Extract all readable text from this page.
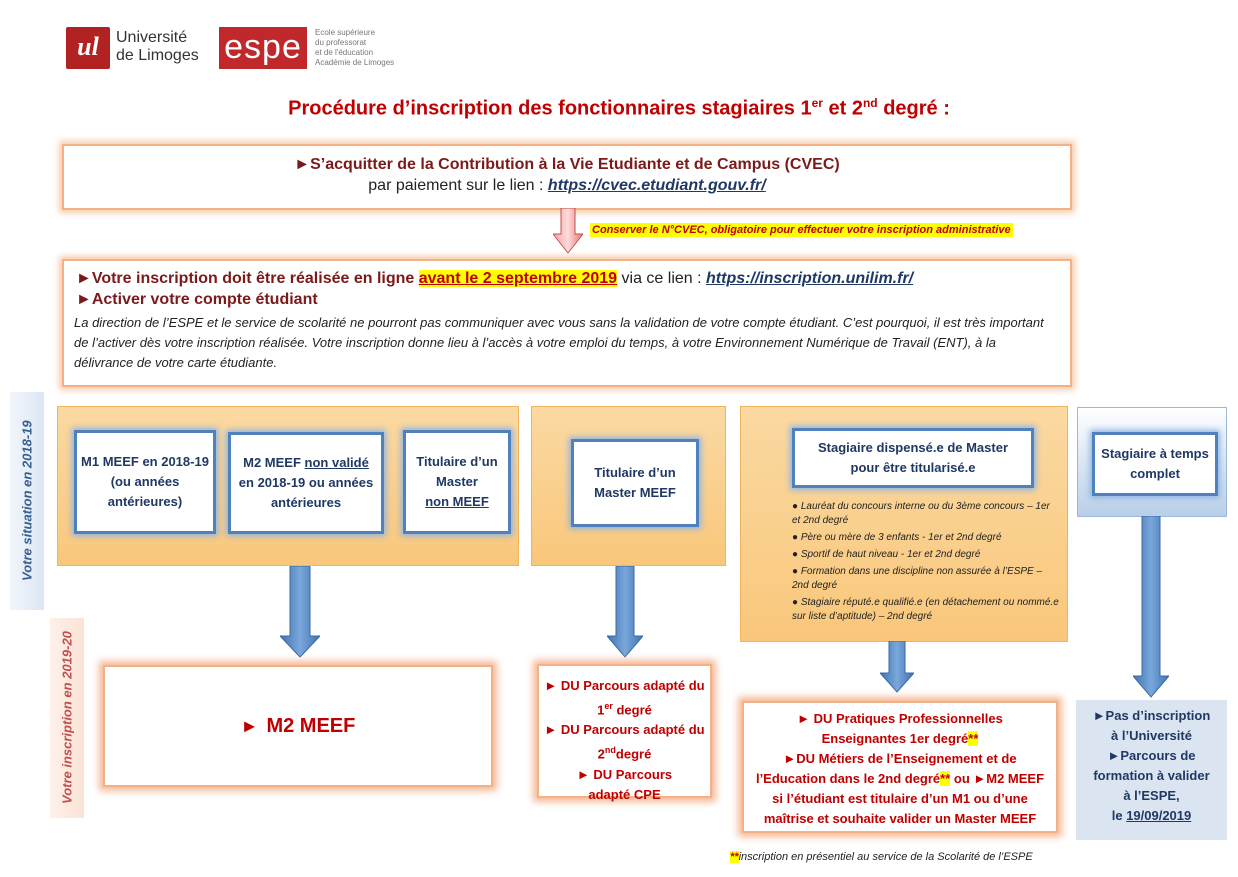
ul	Université
de Limoges espe	Ecole supérieure
du professorat
et de l'éducation
Académie de Limoges
Procédure d’inscription des fonctionnaires stagiaires 1er et 2nd degré :
►S’acquitter de la Contribution à la Vie Etudiante et de Campus (CVEC)
par paiement sur le lien : https://cvec.etudiant.gouv.fr/
Conserver le N°CVEC, obligatoire pour effectuer votre inscription administrative
►Votre inscription doit être réalisée en ligne avant le 2 septembre 2019 via ce lien : https://inscription.unilim.fr/
►Activer votre compte étudiant
La direction de l’ESPE et le service de scolarité ne pourront pas communiquer avec vous sans la validation de votre compte étudiant. C’est pourquoi, il est très important de l’activer dès votre inscription réalisée. Votre inscription donne lieu à l’accès à votre emploi du temps, à votre Environnement Numérique de Travail (ENT), à la délivrance de votre carte étudiante.
Votre situation en 2018-19
Votre inscription en 2019-20
M1 MEEF en 2018-19 (ou années antérieures)
M2 MEEF non validé
en 2018-19 ou années antérieures
Titulaire d’un Master
non MEEF
Titulaire d’un Master MEEF
Stagiaire dispensé.e de Master pour être titularisé.e
● Lauréat du concours interne ou du 3ème concours – 1er et 2nd degré
● Père ou mère de 3 enfants - 1er et 2nd degré
● Sportif de haut niveau - 1er et 2nd degré
● Formation dans une discipline non assurée à l’ESPE – 2nd degré
● Stagiaire réputé.e qualifié.e (en détachement ou nommé.e sur liste d’aptitude) – 2nd degré
Stagiaire à temps complet
► M2 MEEF
► DU Parcours adapté du 1er degré
► DU Parcours adapté du 2nddegré
► DU Parcours adapté CPE
► DU Pratiques Professionnelles Enseignantes 1er degré**
►DU Métiers de l’Enseignement et de l’Education dans le 2nd degré** ou ►M2 MEEF si l’étudiant est titulaire d’un M1 ou d’une maîtrise et souhaite valider un Master MEEF
►Pas d’inscription à l’Université
►Parcours de formation à valider à l’ESPE,
le 19/09/2019
**inscription en présentiel au service de la Scolarité de l’ESPE
